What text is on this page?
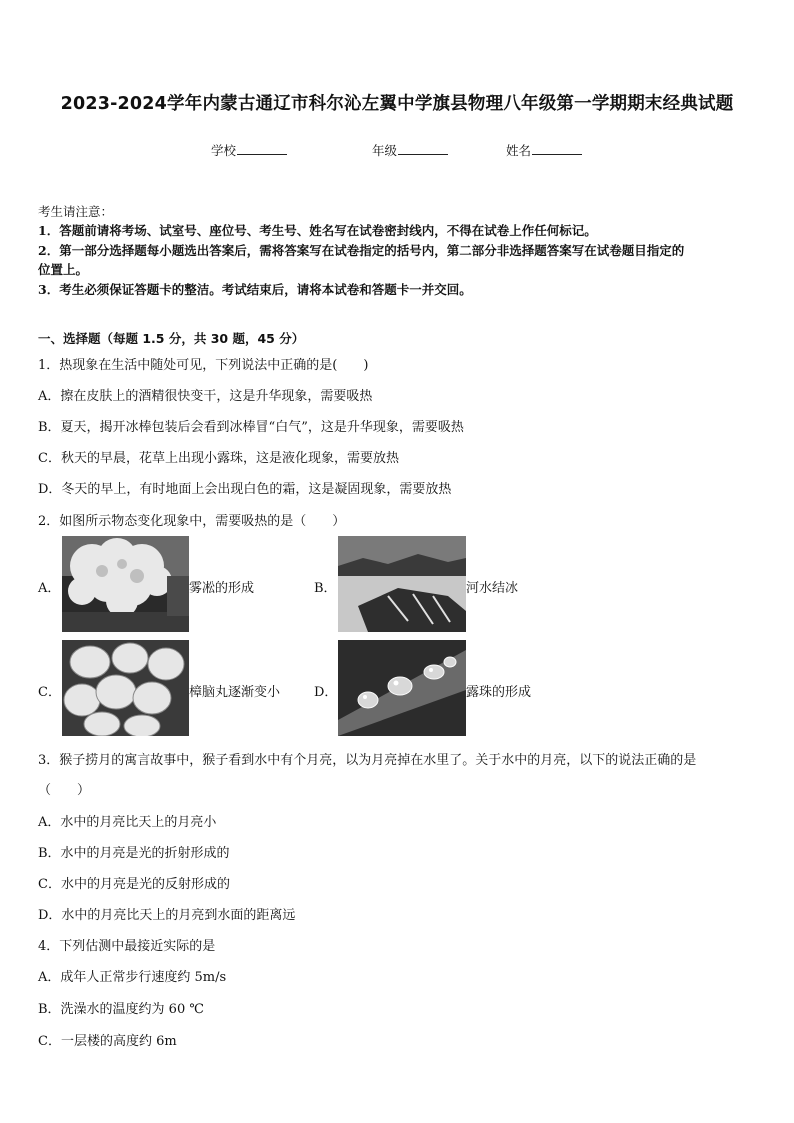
2023-2024学年内蒙古通辽市科尔沁左翼中学旗县物理八年级第一学期期末经典试题
学校	年级	姓名
考生请注意：
1．答题前请将考场、试室号、座位号、考生号、姓名写在试卷密封线内，不得在试卷上作任何标记。
2．第一部分选择题每小题选出答案后，需将答案写在试卷指定的括号内，第二部分非选择题答案写在试卷题目指定的
位置上。
3．考生必须保证答题卡的整洁。考试结束后，请将本试卷和答题卡一并交回。
一、选择题（每题 1.5 分，共 30 题，45 分）
1．热现象在生活中随处可见，下列说法中正确的是(　　)
A．擦在皮肤上的酒精很快变干，这是升华现象，需要吸热
B．夏天，揭开冰棒包装后会看到冰棒冒“白气”，这是升华现象，需要吸热
C．秋天的早晨，花草上出现小露珠，这是液化现象，需要放热
D．冬天的早上，有时地面上会出现白色的霜，这是凝固现象，需要放热
2．如图所示物态变化现象中，需要吸热的是（　　）
A．	雾凇的形成	B．	河水结冰
C．	樟脑丸逐渐变小	D．	露珠的形成
3．猴子捞月的寓言故事中，猴子看到水中有个月亮，以为月亮掉在水里了。关于水中的月亮，以下的说法正确的是
（　　）
A．水中的月亮比天上的月亮小
B．水中的月亮是光的折射形成的
C．水中的月亮是光的反射形成的
D．水中的月亮比天上的月亮到水面的距离远
4．下列估测中最接近实际的是
A．成年人正常步行速度约 5m/s
B．洗澡水的温度约为 60 ℃
C．一层楼的高度约 6m
